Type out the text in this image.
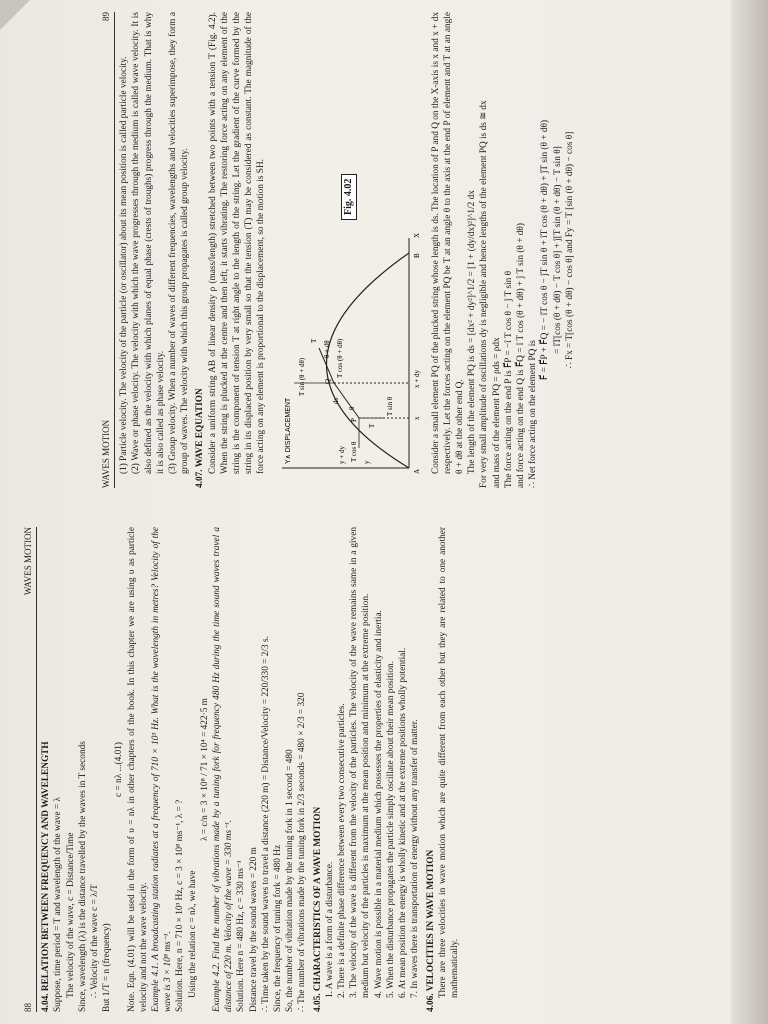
88
WAVES MOTION

4.04. RELATION BETWEEN FREQUENCY AND WAVELENGTH Suppose, time period = T and wavelength of the wave = λ The velocity of the wave, c = Distance/Time Since, wavelength (λ) is the distance travelled by the waves in T seconds ∴ Velocity of the wave c = λ/T But 1/T = n (frequency)

c = nλ ...(4.01) Note. Eqn. (4.01) will be used in the form of υ = nλ in other chapters of the book. In this chapter we are using υ as particle velocity and not the wave velocity. Example 4.1. A broadcasting station radiates at a frequency of 710 × 10³ Hz. What is the wavelength in metres? Velocity of the wave is 3 × 10⁸ ms⁻¹. Solution. Here, n = 710 × 10³ Hz, c = 3 × 10⁸ ms⁻¹, λ = ? Using the relation c = nλ, we have

λ = c/n = 3 × 10⁸ / 71 × 10⁴ = 422·5 m Example 4.2. Find the number of vibrations made by a tuning fork for frequency 480 Hz during the time sound waves travel a distance of 220 m. Velocity of the wave = 330 ms⁻¹. Solution. Here n = 480 Hz, c = 330 ms⁻¹ Distance travel by the sound waves = 220 m ∴ Time taken by the sound waves to travel a distance (220 m) = Distance/Velocity = 220/330 = 2/3 s. Since, the frequency of tuning fork = 480 Hz So, the number of vibration made by the tuning fork in 1 second = 480 ∴ The number of vibrations made by the tuning fork in 2/3 seconds = 480 × 2/3 = 320 4.05. CHARACTERISTICS OF A WAVE MOTION 1. A wave is a form of a disturbance. 2. There is a definite phase difference between every two consecutive particles. 3. The velocity of the wave is different from the velocity of the particles. The velocity of the wave remains same in a given medium but velocity of the particles is maximum at the mean position and minimum at the extreme position. 4. Wave motion is possible in a material medium which possesses the properties of elasticity and inertia. 5. When the disturbance propagates the particle simply oscillate about their mean position. 6. At mean position the energy is wholly kinetic and at the extreme positions wholly potential. 7. In waves there is transportation of energy without any transfer of matter. 4.06. VELOCITIES IN WAVE MOTION There are three velocities in wave motion which are quite different from each other but they are related to one another mathematically.

WAVES MOTION
89

(1) Particle velocity. The velocity of the particle (or oscillator) about its mean position is called particle velocity. (2) Wave or phase velocity. The velocity with which the wave progresses through the medium is called wave velocity. It is also defined as the velocity with which planes of equal phase (crests of troughs) progress through the medium. That is why it is also called as phase velocity. (3) Group velocity. When a number of waves of different frequencies, wavelengths and velocities superimpose, they form a group of waves. The velocity with which this group propagates is called group velocity. 4.07. WAVE EQUATION Consider a uniform string AB of linear density ρ (mass/length) stretched between two points with a tension T (Fig. 4.2). When the string is plucked at the centre and then left, it starts vibrating. The restoring force acting on any element of the string is the component of tension T at right angle to the length of the string. Let the gradient of the curve formed by the string in its displaced position by very small so that the tension (T) may be considered as constant. The magnitude of the force acting on any element is proportional to the displacement, so the motion is SH.	Y∧ DISPLACEMENT
A
B
X
P
Q
T
T
T sin θ
T cos θ
T sin (θ + dθ)	T cos (θ + dθ)
θ + dθ
θ
ds
x
x + dy
y + dy y
Fig. 4.02	Consider a small element PQ of the plucked string whose length is ds. The location of P and Q on the X-axis is x and x + dx respectively. Let the forces acting on the element PQ be T at an angle θ to the axis at the end P of element and T at an angle θ + dθ at the other end Q. The length of the element PQ is ds = [dx² + dy²]^1/2 = [1 + (dy/dx)²]^1/2 dx For very small amplitude of oscillations dy is negligible and hence lengths of the element PQ is ds ≅ dx and mass of the element PQ = ρds = ρdx The force acting on the end P is F⃗P = −î T cos θ − ĵ T sin θ and force acting on the end Q is F⃗Q = î T cos (θ + dθ) + ĵ T sin (θ + dθ) ∴ Net force acting on the element PQ is

F⃗ = F⃗P + F⃗Q = − îT cos θ − ĵT sin θ + îT cos (θ + dθ) + ĵT sin (θ + dθ) = îT[cos (θ + dθ) − T cos θ] + ĵ[T sin (θ + dθ) − T sin θ] ∴ Fx = T[cos (θ + dθ) − cos θ] and Fy = T [sin (θ + dθ) − cos θ]
